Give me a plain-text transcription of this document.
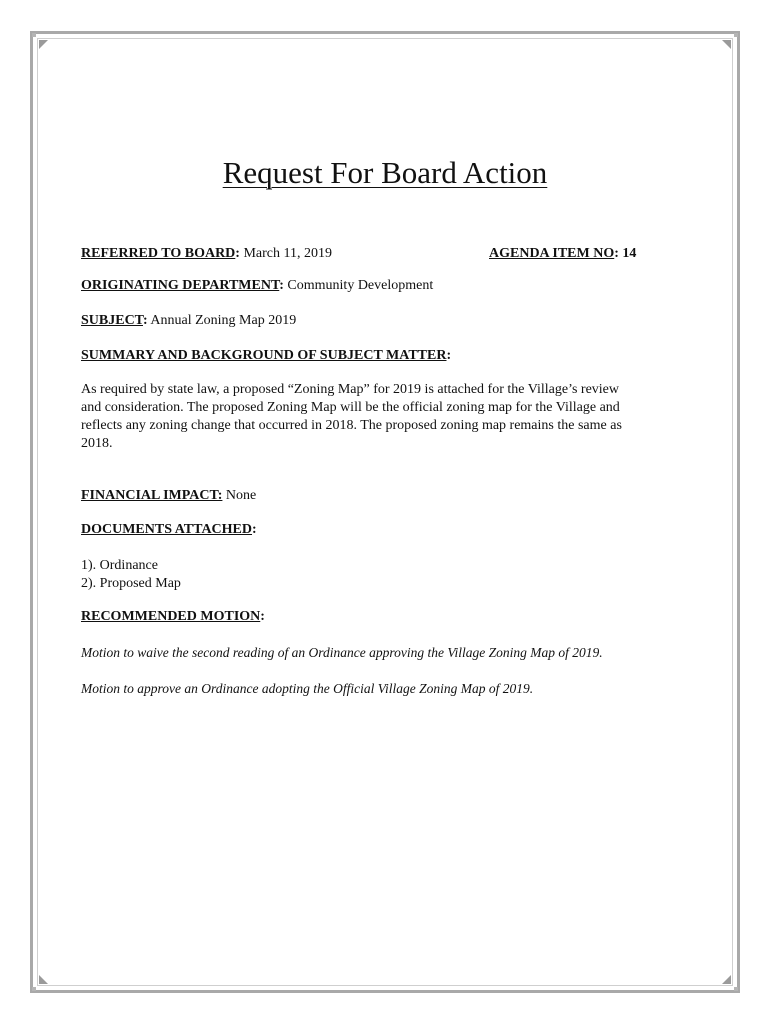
Request For Board Action
REFERRED TO BOARD: March 11, 2019	AGENDA ITEM NO: 14
ORIGINATING DEPARTMENT: Community Development
SUBJECT: Annual Zoning Map 2019
SUMMARY AND BACKGROUND OF SUBJECT MATTER:
As required by state law, a proposed “Zoning Map” for 2019 is attached for the Village’s review
and consideration. The proposed Zoning Map will be the official zoning map for the Village and
reflects any zoning change that occurred in 2018. The proposed zoning map remains the same as
2018.
FINANCIAL IMPACT: None
DOCUMENTS ATTACHED:
1). Ordinance
2). Proposed Map
RECOMMENDED MOTION:
Motion to waive the second reading of an Ordinance approving the Village Zoning Map of 2019.
Motion to approve an Ordinance adopting the Official Village Zoning Map of 2019.
